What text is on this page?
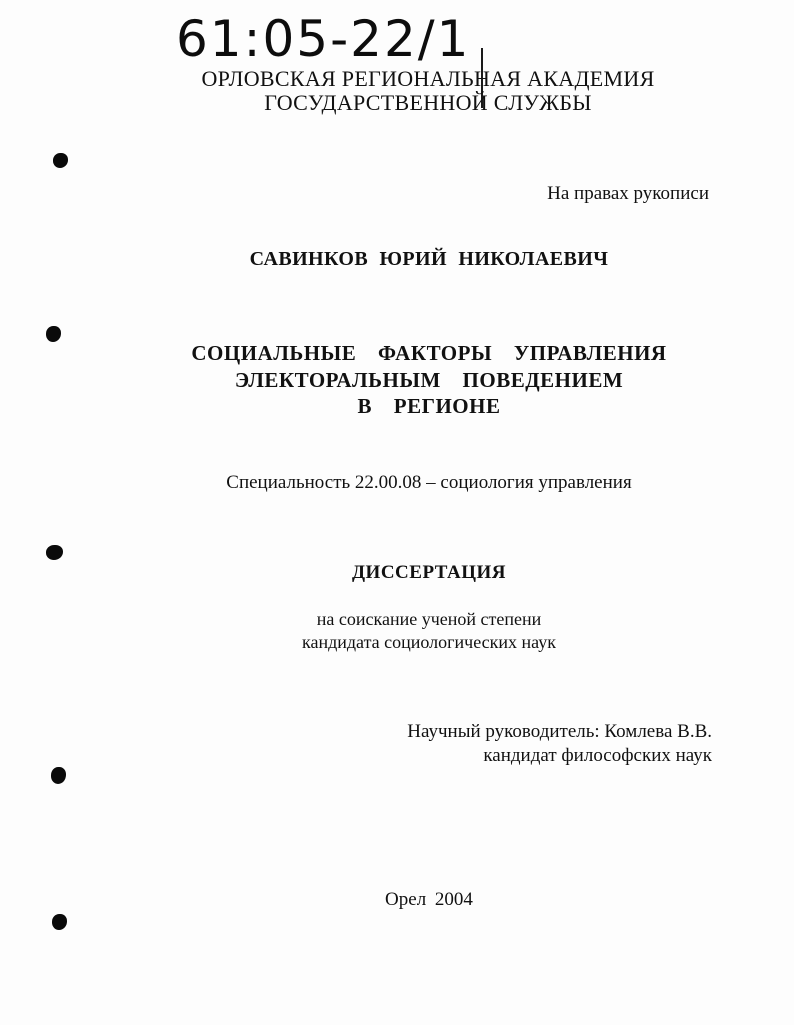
61:05-22/1
ОРЛОВСКАЯ РЕГИОНАЛЬНАЯ АКАДЕМИЯ
ГОСУДАРСТВЕННОЙ СЛУЖБЫ
На правах рукописи
САВИНКОВ ЮРИЙ НИКОЛАЕВИЧ
СОЦИАЛЬНЫЕ ФАКТОРЫ УПРАВЛЕНИЯ
ЭЛЕКТОРАЛЬНЫМ ПОВЕДЕНИЕМ
В РЕГИОНЕ
Специальность 22.00.08 – социология управления
ДИССЕРТАЦИЯ
на соискание ученой степени
кандидата социологических наук
Научный руководитель: Комлева В.В.
кандидат философских наук
Орел 2004
